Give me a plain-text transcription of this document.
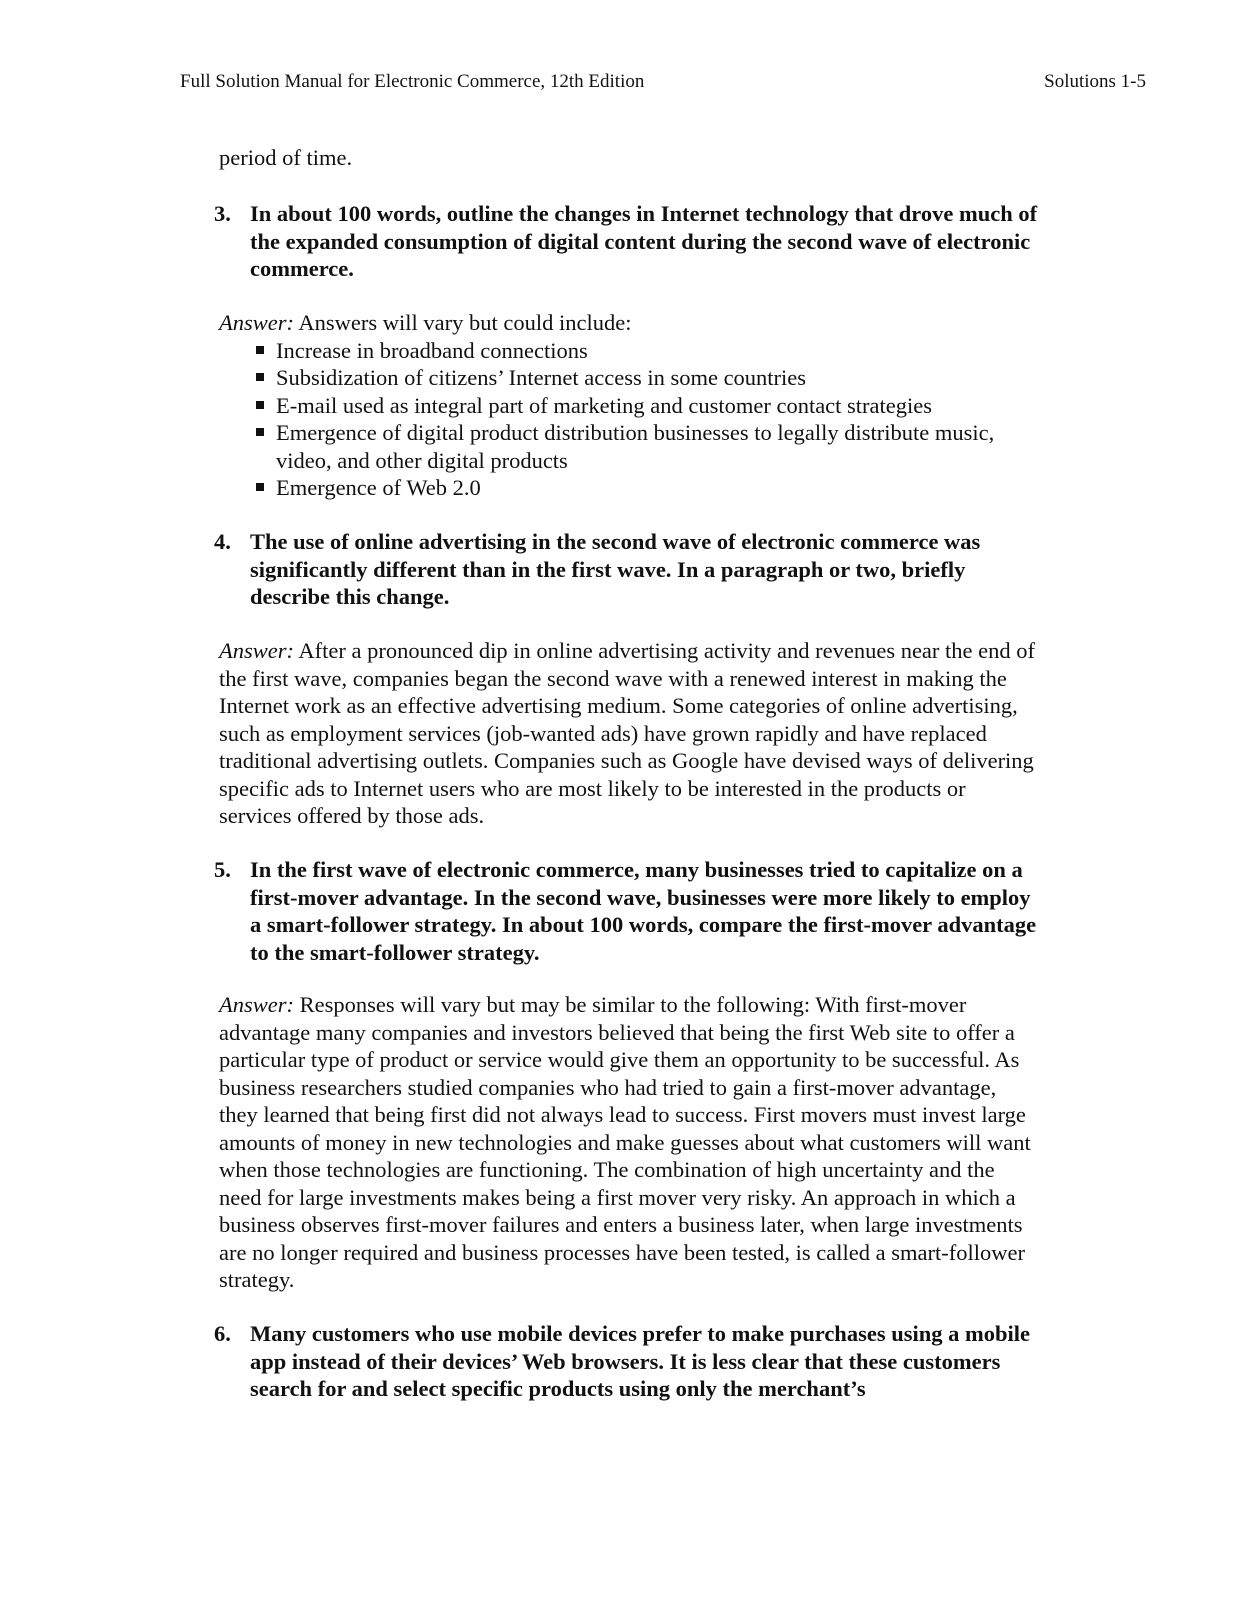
Full Solution Manual for Electronic Commerce, 12th Edition	Solutions 1-5
period of time.
3. In about 100 words, outline the changes in Internet technology that drove much of the expanded consumption of digital content during the second wave of electronic commerce.
Answer: Answers will vary but could include:
Increase in broadband connections
Subsidization of citizens’ Internet access in some countries
E-mail used as integral part of marketing and customer contact strategies
Emergence of digital product distribution businesses to legally distribute music, video, and other digital products
Emergence of Web 2.0
4. The use of online advertising in the second wave of electronic commerce was significantly different than in the first wave. In a paragraph or two, briefly describe this change.
Answer: After a pronounced dip in online advertising activity and revenues near the end of the first wave, companies began the second wave with a renewed interest in making the Internet work as an effective advertising medium. Some categories of online advertising, such as employment services (job-wanted ads) have grown rapidly and have replaced traditional advertising outlets. Companies such as Google have devised ways of delivering specific ads to Internet users who are most likely to be interested in the products or services offered by those ads.
5. In the first wave of electronic commerce, many businesses tried to capitalize on a first-mover advantage. In the second wave, businesses were more likely to employ a smart-follower strategy. In about 100 words, compare the first-mover advantage to the smart-follower strategy.
Answer: Responses will vary but may be similar to the following: With first-mover advantage many companies and investors believed that being the first Web site to offer a particular type of product or service would give them an opportunity to be successful. As business researchers studied companies who had tried to gain a first-mover advantage, they learned that being first did not always lead to success. First movers must invest large amounts of money in new technologies and make guesses about what customers will want when those technologies are functioning. The combination of high uncertainty and the need for large investments makes being a first mover very risky. An approach in which a business observes first-mover failures and enters a business later, when large investments are no longer required and business processes have been tested, is called a smart-follower strategy.
6. Many customers who use mobile devices prefer to make purchases using a mobile app instead of their devices’ Web browsers. It is less clear that these customers search for and select specific products using only the merchant’s
